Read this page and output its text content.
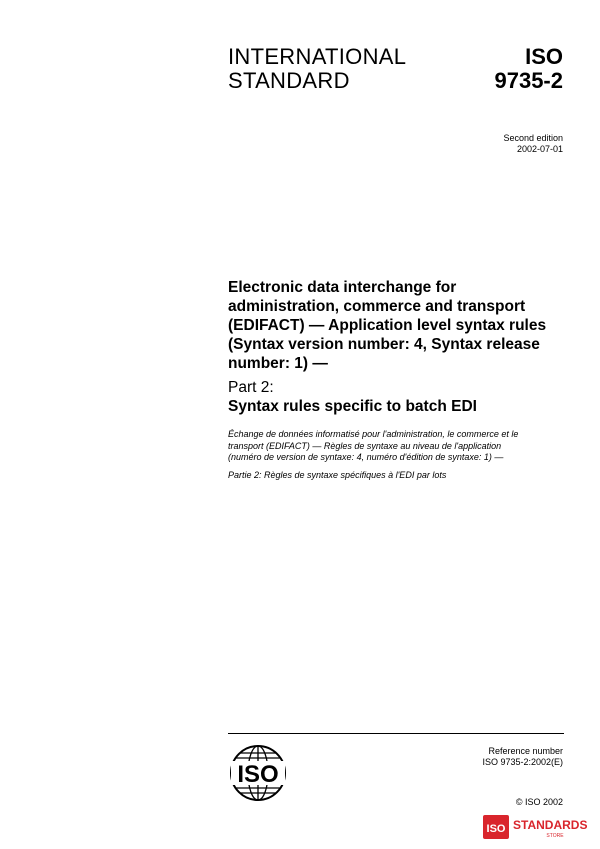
INTERNATIONAL
STANDARD
ISO
9735-2
Second edition
2002-07-01
Electronic data interchange for
administration, commerce and transport
(EDIFACT) — Application level syntax rules
(Syntax version number: 4, Syntax release
number: 1) —
Part 2:
Syntax rules specific to batch EDI
Échange de données informatisé pour l'administration, le commerce et le
transport (EDIFACT) — Règles de syntaxe au niveau de l'application
(numéro de version de syntaxe: 4, numéro d'édition de syntaxe: 1) —
Partie 2: Règles de syntaxe spécifiques à l'EDI par lots
ISO
Reference number
ISO 9735-2:2002(E)
© ISO 2002
ISO STANDARDS
STORE
